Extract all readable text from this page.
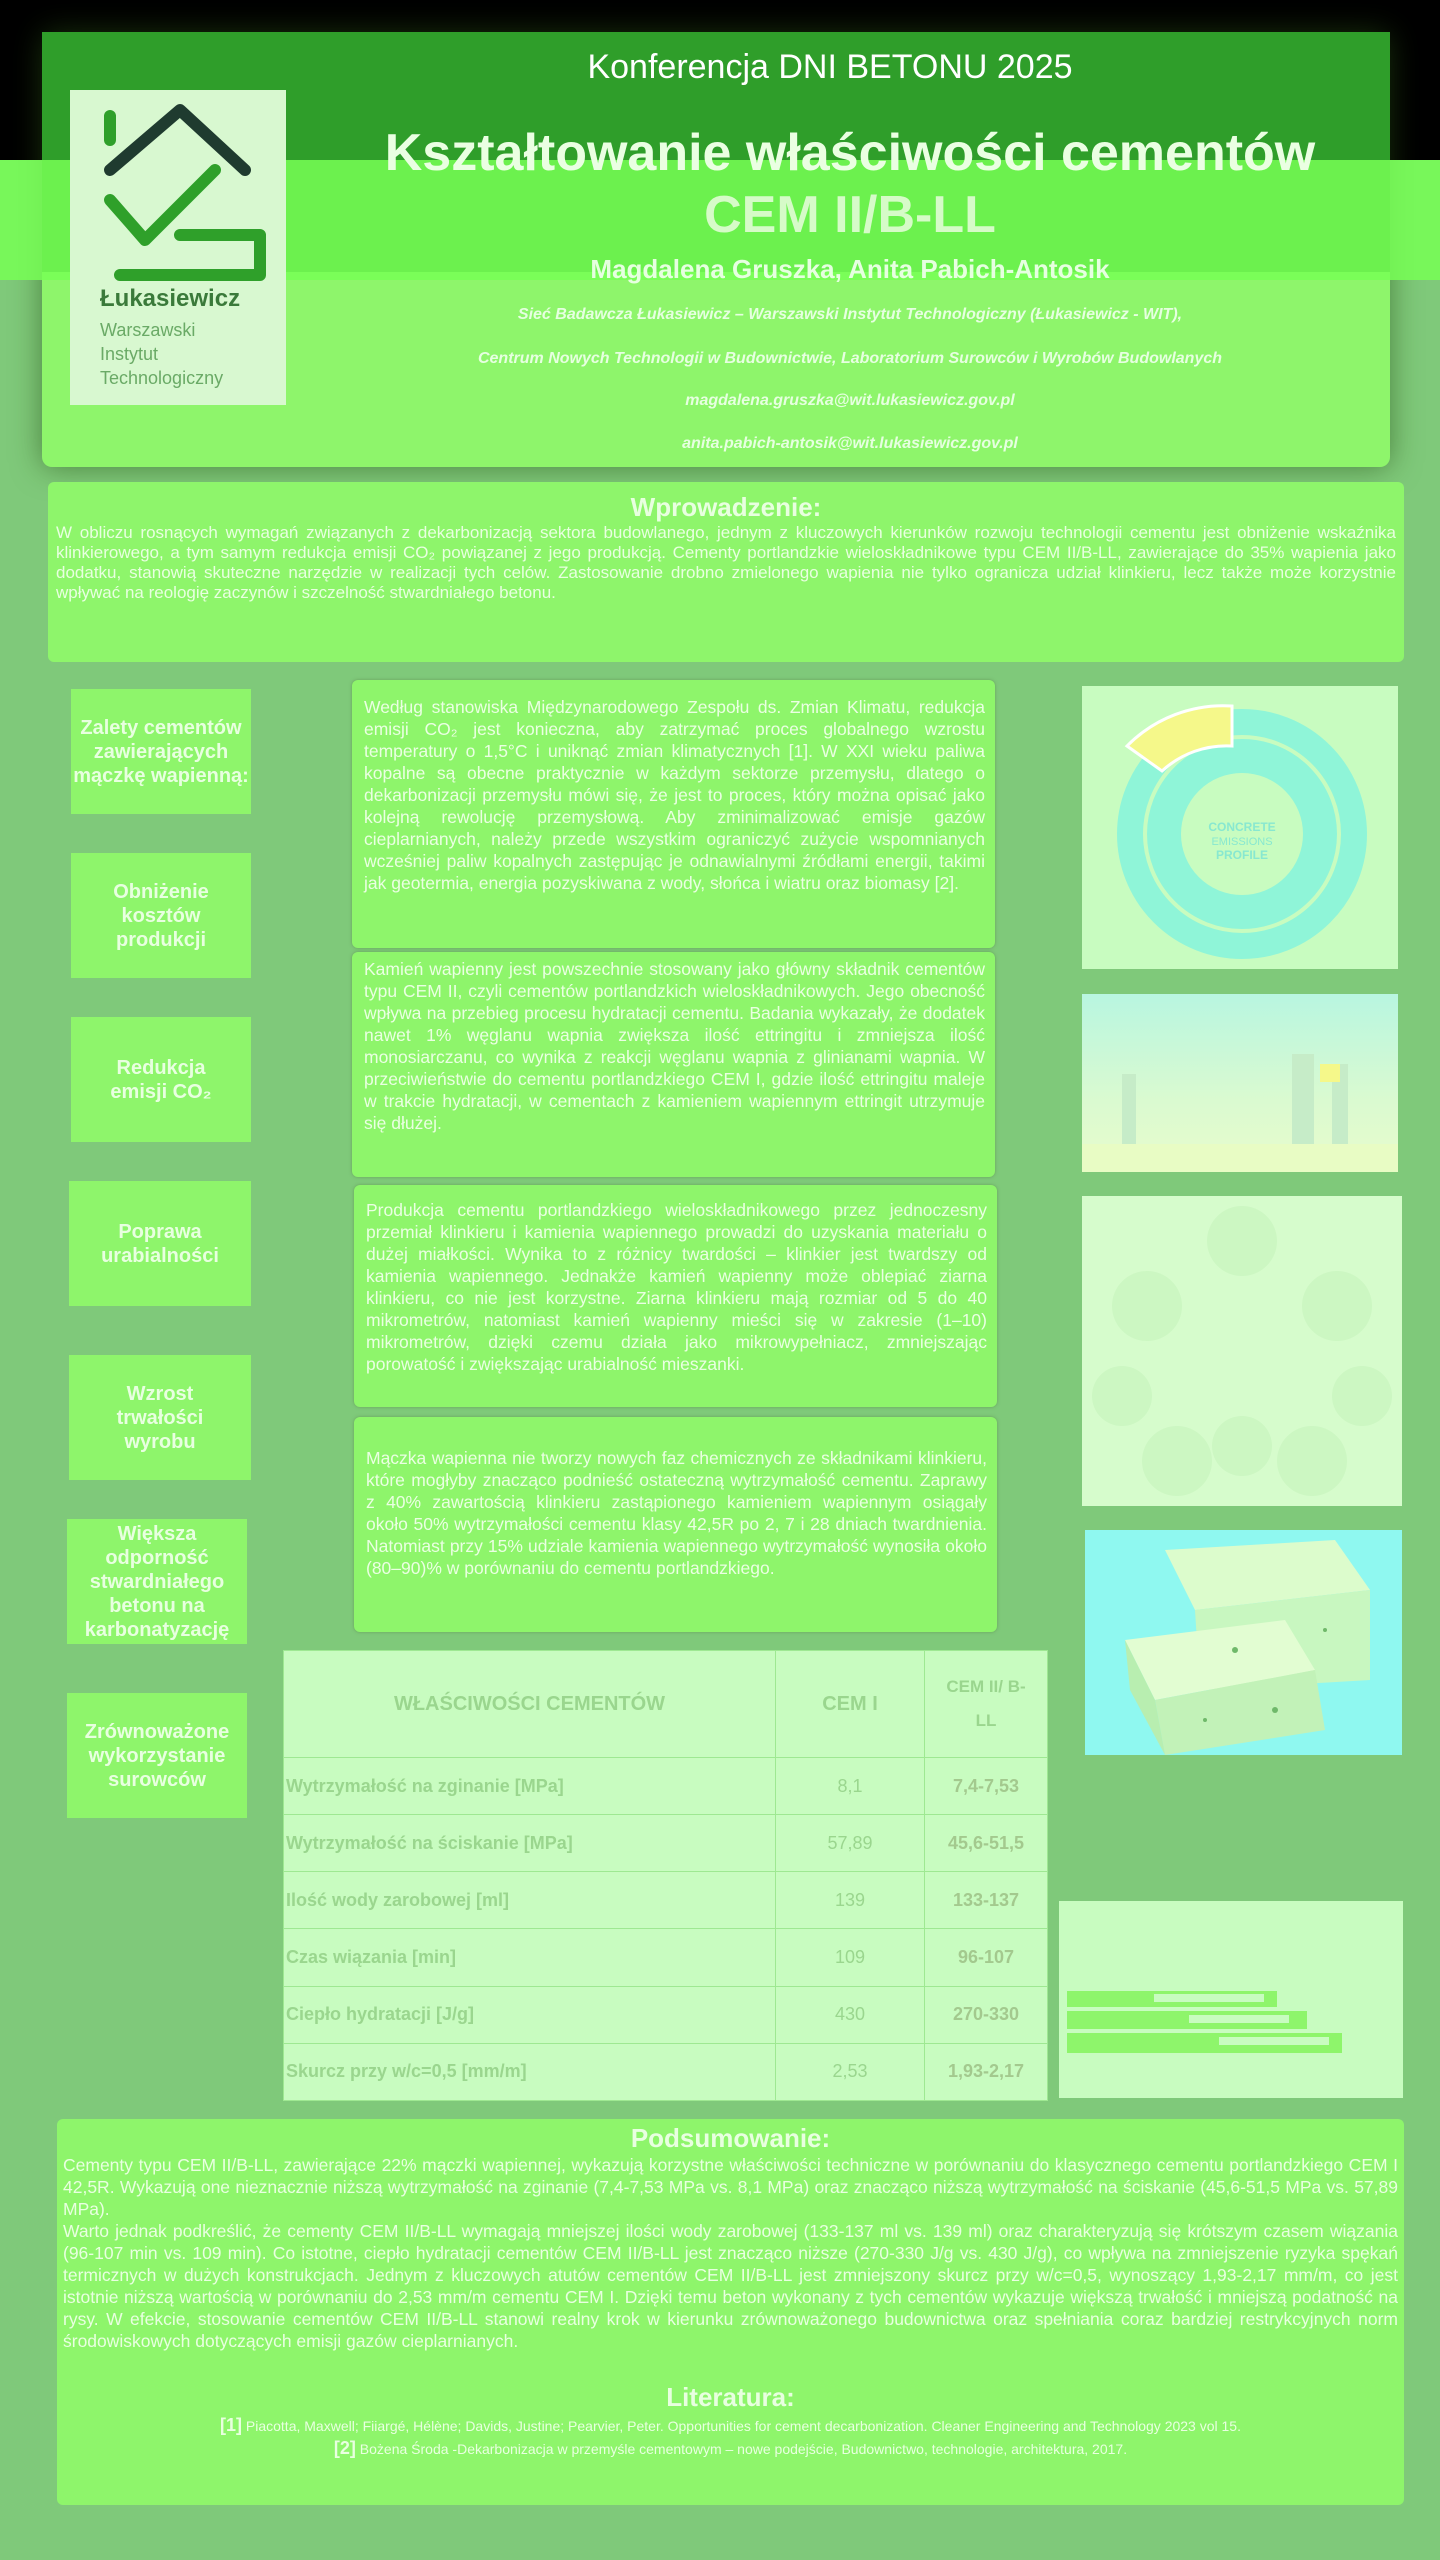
Konferencja DNI BETONU 2025
Łukasiewicz
Warszawski
Instytut
Technologiczny
Kształtowanie właściwości cementów
CEM II/B-LL
Magdalena Gruszka, Anita Pabich-Antosik
Sieć Badawcza Łukasiewicz – Warszawski Instytut Technologiczny (Łukasiewicz - WIT),
Centrum Nowych Technologii w Budownictwie, Laboratorium Surowców i Wyrobów Budowlanych
magdalena.gruszka@wit.lukasiewicz.gov.pl
anita.pabich-antosik@wit.lukasiewicz.gov.pl
Wprowadzenie:
W obliczu rosnących wymagań związanych z dekarbonizacją sektora budowlanego, jednym z kluczowych kierunków rozwoju technologii cementu jest obniżenie wskaźnika klinkierowego, a tym samym redukcja emisji CO₂ powiązanej z jego produkcją. Cementy portlandzkie wieloskładnikowe typu CEM II/B-LL, zawierające do 35% wapienia jako dodatku, stanowią skuteczne narzędzie w realizacji tych celów. Zastosowanie drobno zmielonego wapienia nie tylko ogranicza udział klinkieru, lecz także może korzystnie wpływać na reologię zaczynów i szczelność stwardniałego betonu.
Zalety cementów zawierających mączkę wapienną:
Obniżenie kosztów produkcji
Redukcja emisji CO₂
Poprawa urabialności
Wzrost trwałości wyrobu
Większa odporność stwardniałego betonu na karbonatyzację
Zrównoważone wykorzystanie surowców
Według stanowiska Międzynarodowego Zespołu ds. Zmian Klimatu, redukcja emisji CO₂ jest konieczna, aby zatrzymać proces globalnego wzrostu temperatury o 1,5°C i uniknąć zmian klimatycznych [1]. W XXI wieku paliwa kopalne są obecne praktycznie w każdym sektorze przemysłu, dlatego o dekarbonizacji przemysłu mówi się, że jest to proces, który można opisać jako kolejną rewolucję przemysłową. Aby zminimalizować emisje gazów cieplarnianych, należy przede wszystkim ograniczyć zużycie wspomnianych wcześniej paliw kopalnych zastępując je odnawialnymi źródłami energii, takimi jak geotermia, energia pozyskiwana z wody, słońca i wiatru oraz biomasy [2].
Kamień wapienny jest powszechnie stosowany jako główny składnik cementów typu CEM II, czyli cementów portlandzkich wieloskładnikowych. Jego obecność wpływa na przebieg procesu hydratacji cementu. Badania wykazały, że dodatek nawet 1% węglanu wapnia zwiększa ilość ettringitu i zmniejsza ilość monosiarczanu, co wynika z reakcji węglanu wapnia z glinianami wapnia. W przeciwieństwie do cementu portlandzkiego CEM I, gdzie ilość ettringitu maleje w trakcie hydratacji, w cementach z kamieniem wapiennym ettringit utrzymuje się dłużej.
Produkcja cementu portlandzkiego wieloskładnikowego przez jednoczesny przemiał klinkieru i kamienia wapiennego prowadzi do uzyskania materiału o dużej miałkości. Wynika to z różnicy twardości – klinkier jest twardszy od kamienia wapiennego. Jednakże kamień wapienny może oblepiać ziarna klinkieru, co nie jest korzystne. Ziarna klinkieru mają rozmiar od 5 do 40 mikrometrów, natomiast kamień wapienny mieści się w zakresie (1–10) mikrometrów, dzięki czemu działa jako mikrowypełniacz, zmniejszając porowatość i zwiększając urabialność mieszanki.
Mączka wapienna nie tworzy nowych faz chemicznych ze składnikami klinkieru, które mogłyby znacząco podnieść ostateczną wytrzymałość cementu. Zaprawy z 40% zawartością klinkieru zastąpionego kamieniem wapiennym osiągały około 50% wytrzymałości cementu klasy 42,5R po 2, 7 i 28 dniach twardnienia. Natomiast przy 15% udziale kamienia wapiennego wytrzymałość wynosiła około (80–90)% w porównaniu do cementu portlandzkiego.
CONCRETE
EMISSIONS
PROFILE
WŁAŚCIWOŚCI CEMENTÓW	CEM I	CEM II/ B-LL
Wytrzymałość na zginanie [MPa]	8,1	7,4-7,53
Wytrzymałość na ściskanie [MPa]	57,89	45,6-51,5
Ilość wody zarobowej [ml]	139	133-137
Czas wiązania [min]	109	96-107
Ciepło hydratacji [J/g]	430	270-330
Skurcz przy w/c=0,5 [mm/m]	2,53	1,93-2,17
Podsumowanie:
Cementy typu CEM II/B-LL, zawierające 22% mączki wapiennej, wykazują korzystne właściwości techniczne w porównaniu do klasycznego cementu portlandzkiego CEM I 42,5R. Wykazują one nieznacznie niższą wytrzymałość na zginanie (7,4-7,53 MPa vs. 8,1 MPa) oraz znacząco niższą wytrzymałość na ściskanie (45,6-51,5 MPa vs. 57,89 MPa).
Warto jednak podkreślić, że cementy CEM II/B-LL wymagają mniejszej ilości wody zarobowej (133-137 ml vs. 139 ml) oraz charakteryzują się krótszym czasem wiązania (96-107 min vs. 109 min). Co istotne, ciepło hydratacji cementów CEM II/B-LL jest znacząco niższe (270-330 J/g vs. 430 J/g), co wpływa na zmniejszenie ryzyka spękań termicznych w dużych konstrukcjach. Jednym z kluczowych atutów cementów CEM II/B-LL jest zmniejszony skurcz przy w/c=0,5, wynoszący 1,93-2,17 mm/m, co jest istotnie niższą wartością w porównaniu do 2,53 mm/m cementu CEM I. Dzięki temu beton wykonany z tych cementów wykazuje większą trwałość i mniejszą podatność na rysy. W efekcie, stosowanie cementów CEM II/B-LL stanowi realny krok w kierunku zrównoważonego budownictwa oraz spełniania coraz bardziej restrykcyjnych norm środowiskowych dotyczących emisji gazów cieplarnianych.
Literatura:
[1] Piacotta, Maxwell; Fiiargé, Hélène; Davids, Justine; Pearvier, Peter. Opportunities for cement decarbonization. Cleaner Engineering and Technology 2023 vol 15.
[2] Bożena Środa -Dekarbonizacja w przemyśle cementowym – nowe podejście, Budownictwo, technologie, architektura, 2017.
